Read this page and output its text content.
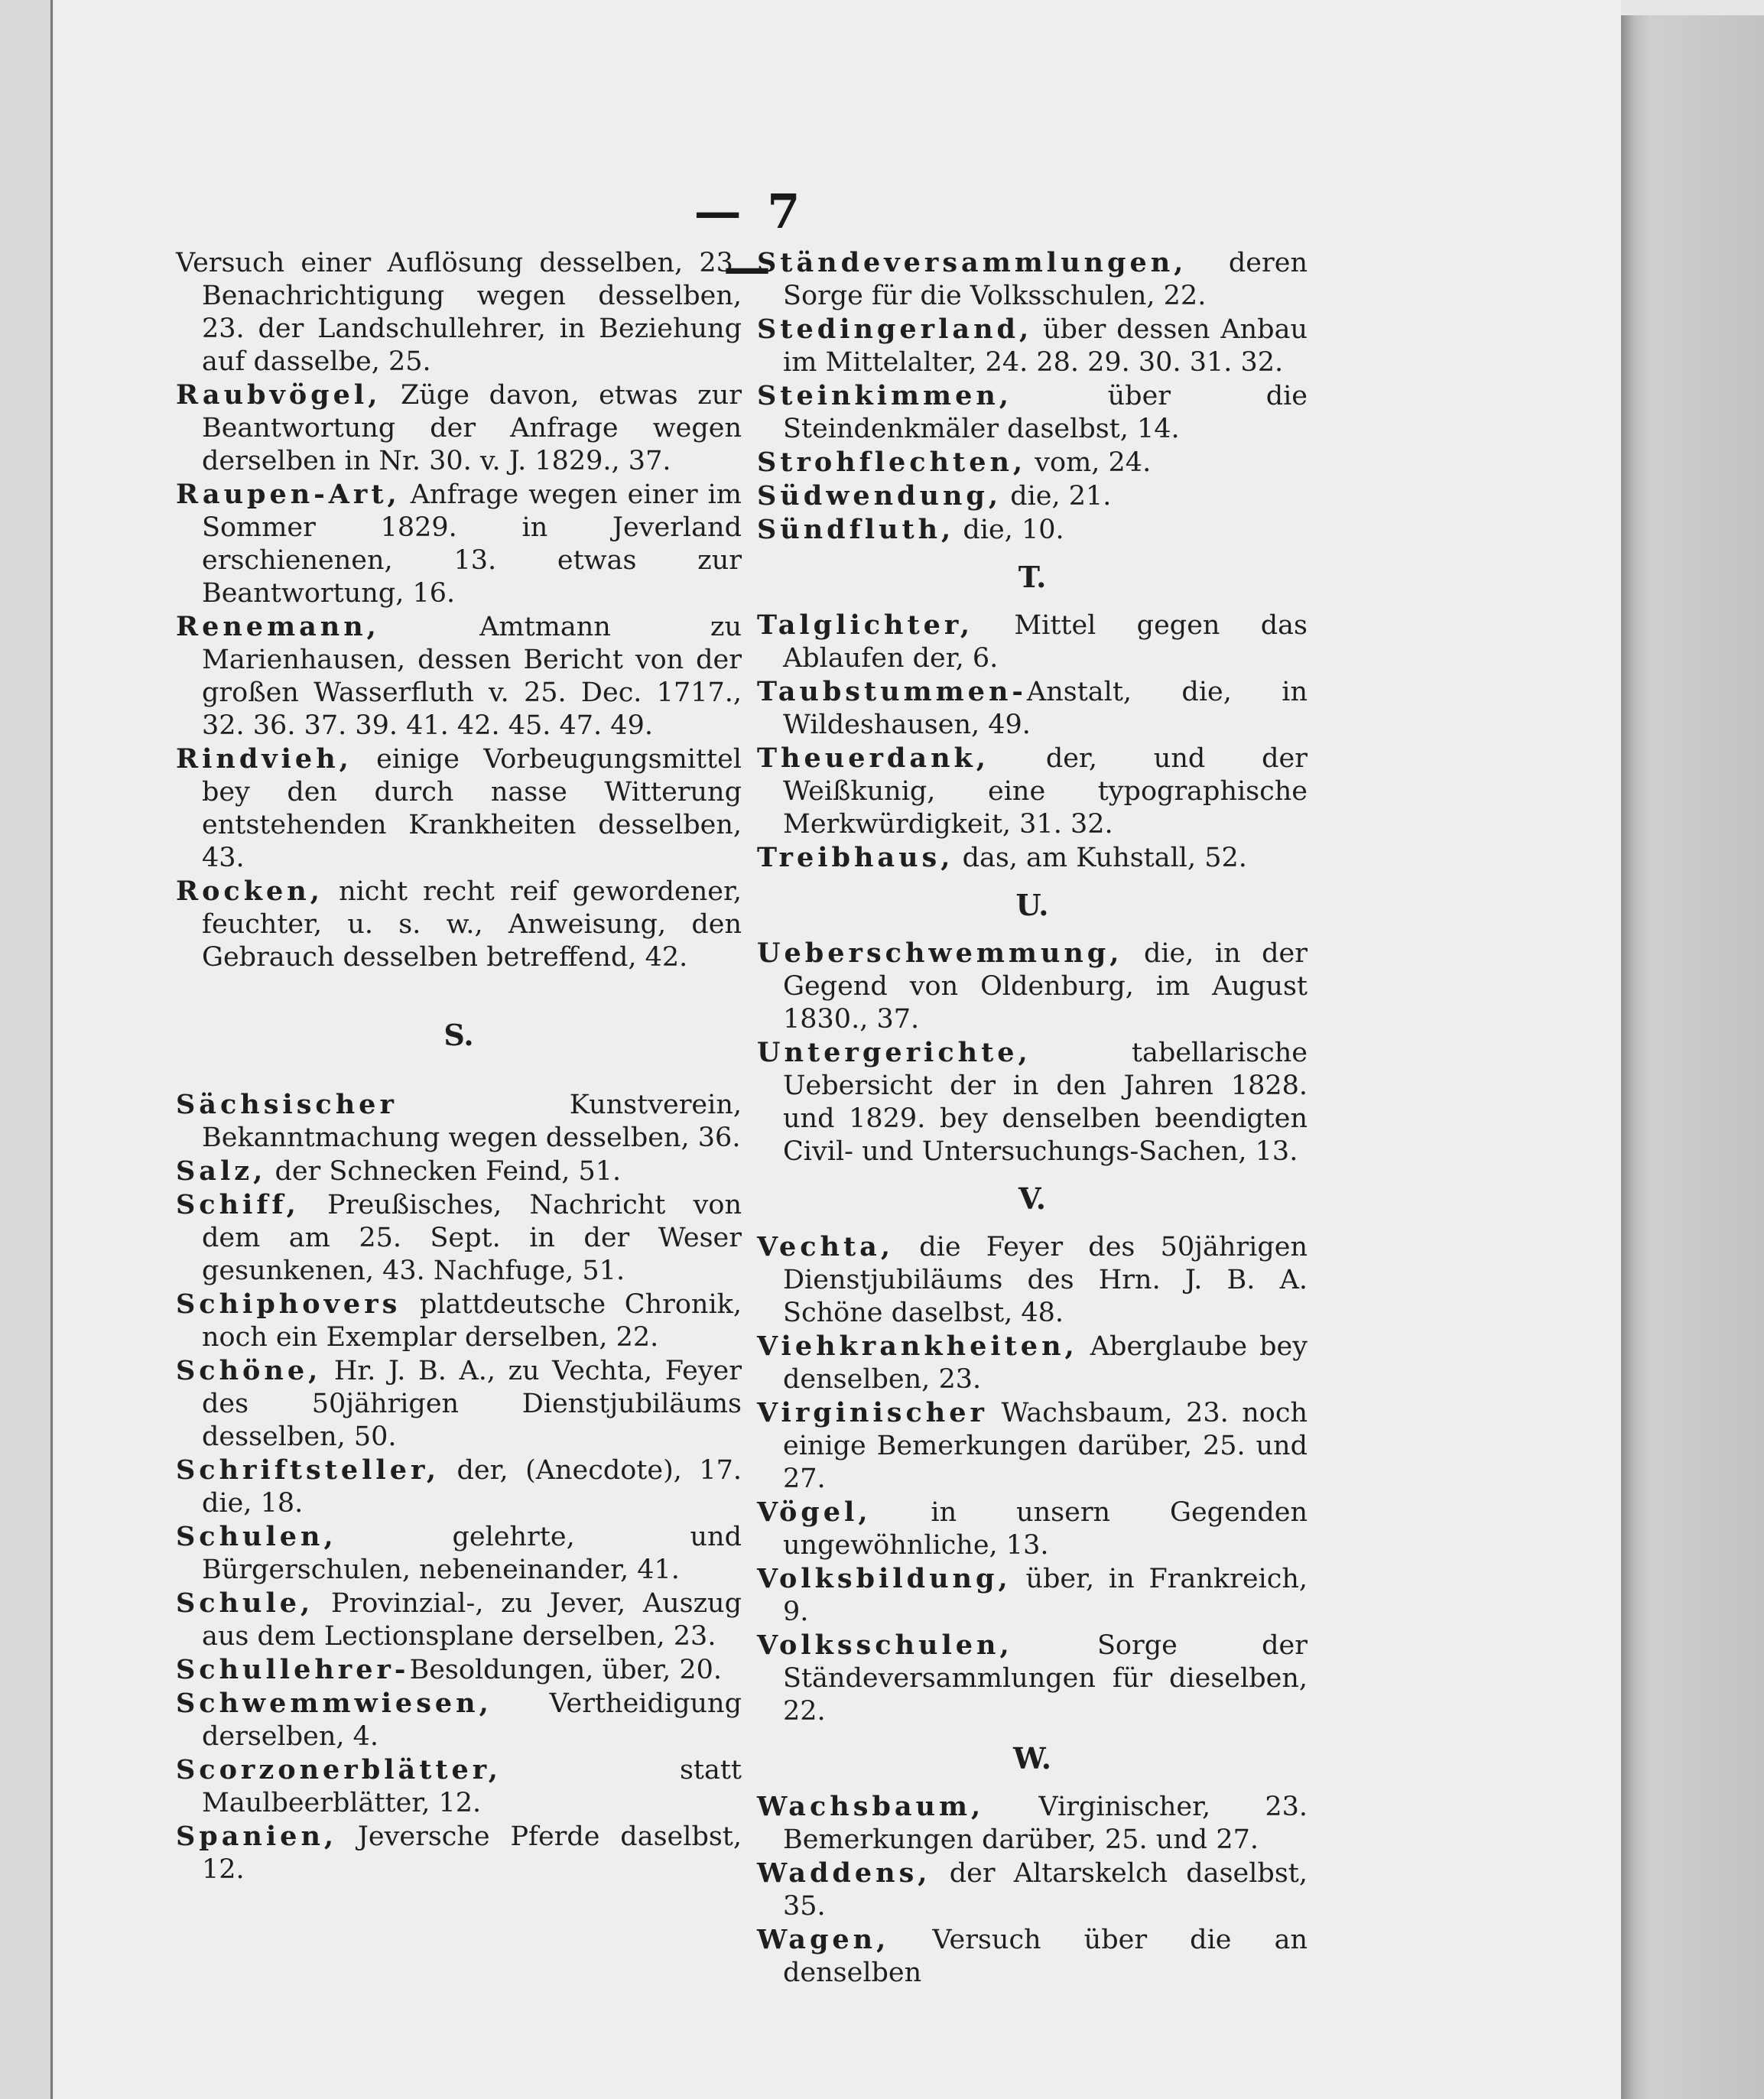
— 7 —

Versuch einer Auflösung desselben, 23. Benachrichtigung wegen desselben, 23. der Landschullehrer, in Beziehung auf dasselbe, 25.

Raubvögel, Züge davon, etwas zur Beantwortung der Anfrage wegen derselben in Nr. 30. v. J. 1829., 37.

Raupen-Art, Anfrage wegen einer im Sommer 1829. in Jeverland erschienenen, 13. etwas zur Beantwortung, 16.

Renemann, Amtmann zu Marienhausen, dessen Bericht von der großen Wasserfluth v. 25. Dec. 1717., 32. 36. 37. 39. 41. 42. 45. 47. 49.

Rindvieh, einige Vorbeugungsmittel bey den durch nasse Witterung entstehenden Krankheiten desselben, 43.

Rocken, nicht recht reif gewordener, feuchter, u. s. w., Anweisung, den Gebrauch desselben betreffend, 42.

S.

Sächsischer Kunstverein, Bekanntmachung wegen desselben, 36.

Salz, der Schnecken Feind, 51.

Schiff, Preußisches, Nachricht von dem am 25. Sept. in der Weser gesunkenen, 43. Nachfuge, 51.

Schiphovers plattdeutsche Chronik, noch ein Exemplar derselben, 22.

Schöne, Hr. J. B. A., zu Vechta, Feyer des 50jährigen Dienstjubiläums desselben, 50.

Schriftsteller, der, (Anecdote), 17. die, 18.

Schulen, gelehrte, und Bürgerschulen, nebeneinander, 41.

Schule, Provinzial-, zu Jever, Auszug aus dem Lectionsplane derselben, 23.

Schullehrer-Besoldungen, über, 20.

Schwemmwiesen, Vertheidigung derselben, 4.

Scorzonerblätter, statt Maulbeerblätter, 12.

Spanien, Jeversche Pferde daselbst, 12.

Ständeversammlungen, deren Sorge für die Volksschulen, 22.

Stedingerland, über dessen Anbau im Mittelalter, 24. 28. 29. 30. 31. 32.

Steinkimmen, über die Steindenkmäler daselbst, 14.

Strohflechten, vom, 24.

Südwendung, die, 21.

Sündfluth, die, 10.

T.

Talglichter, Mittel gegen das Ablaufen der, 6.

Taubstummen-Anstalt, die, in Wildeshausen, 49.

Theuerdank, der, und der Weißkunig, eine typographische Merkwürdigkeit, 31. 32.

Treibhaus, das, am Kuhstall, 52.

U.

Ueberschwemmung, die, in der Gegend von Oldenburg, im August 1830., 37.

Untergerichte, tabellarische Uebersicht der in den Jahren 1828. und 1829. bey denselben beendigten Civil- und Untersuchungs-Sachen, 13.

V.

Vechta, die Feyer des 50jährigen Dienstjubiläums des Hrn. J. B. A. Schöne daselbst, 48.

Viehkrankheiten, Aberglaube bey denselben, 23.

Virginischer Wachsbaum, 23. noch einige Bemerkungen darüber, 25. und 27.

Vögel, in unsern Gegenden ungewöhnliche, 13.

Volksbildung, über, in Frankreich, 9.

Volksschulen, Sorge der Ständeversammlungen für dieselben, 22.

W.

Wachsbaum, Virginischer, 23. Bemerkungen darüber, 25. und 27.

Waddens, der Altarskelch daselbst, 35.

Wagen, Versuch über die an denselben
